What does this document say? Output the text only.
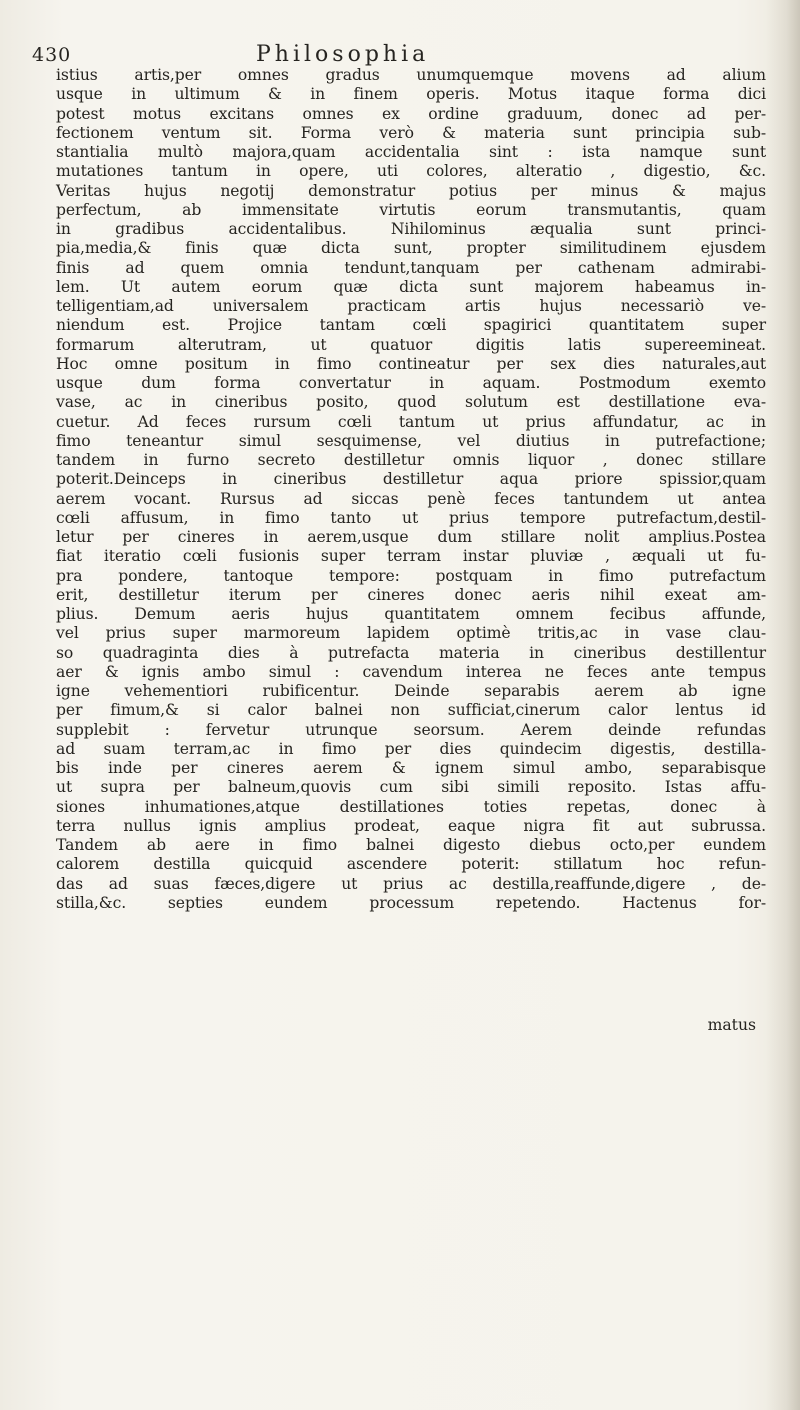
430	Philosophia
istius artis,per omnes gradus unumquemque movens ad alium
usque in ultimum & in finem operis. Motus itaque forma dici
potest motus excitans omnes ex ordine graduum, donec ad per-
fectionem ventum sit. Forma verò & materia sunt principia sub-
stantialia multò majora,quam accidentalia sint : ista namque sunt
mutationes tantum in opere, uti colores, alteratio , digestio, &c.
Veritas hujus negotij demonstratur potius per minus & majus
perfectum, ab immensitate virtutis eorum transmutantis, quam
in gradibus accidentalibus. Nihilominus æqualia sunt princi-
pia,media,& finis quæ dicta sunt, propter similitudinem ejusdem
finis ad quem omnia tendunt,tanquam per cathenam admirabi-
lem. Ut autem eorum quæ dicta sunt majorem habeamus in-
telligentiam,ad universalem practicam artis hujus necessariò ve-
niendum est. Projice tantam cœli spagirici quantitatem super
formarum alterutram, ut quatuor digitis latis supereemineat.
Hoc omne positum in fimo contineatur per sex dies naturales,aut
usque dum forma convertatur in aquam. Postmodum exemto
vase, ac in cineribus posito, quod solutum est destillatione eva-
cuetur. Ad feces rursum cœli tantum ut prius affundatur, ac in
fimo teneantur simul sesquimense, vel diutius in putrefactione;
tandem in furno secreto destilletur omnis liquor , donec stillare
poterit.Deinceps in cineribus destilletur aqua priore spissior,quam
aerem vocant. Rursus ad siccas penè feces tantundem ut antea
cœli affusum, in fimo tanto ut prius tempore putrefactum,destil-
letur per cineres in aerem,usque dum stillare nolit amplius.Postea
fiat iteratio cœli fusionis super terram instar pluviæ , æquali ut fu-
pra pondere, tantoque tempore: postquam in fimo putrefactum
erit, destilletur iterum per cineres donec aeris nihil exeat am-
plius. Demum aeris hujus quantitatem omnem fecibus affunde,
vel prius super marmoreum lapidem optimè tritis,ac in vase clau-
so quadraginta dies à putrefacta materia in cineribus destillentur
aer & ignis ambo simul : cavendum interea ne feces ante tempus
igne vehementiori rubificentur. Deinde separabis aerem ab igne
per fimum,& si calor balnei non sufficiat,cinerum calor lentus id
supplebit : fervetur utrunque seorsum. Aerem deinde refundas
ad suam terram,ac in fimo per dies quindecim digestis, destilla-
bis inde per cineres aerem & ignem simul ambo, separabisque
ut supra per balneum,quovis cum sibi simili reposito. Istas affu-
siones inhumationes,atque destillationes toties repetas, donec à
terra nullus ignis amplius prodeat, eaque nigra fit aut subrussa.
Tandem ab aere in fimo balnei digesto diebus octo,per eundem
calorem destilla quicquid ascendere poterit: stillatum hoc refun-
das ad suas fæces,digere ut prius ac destilla,reaffunde,digere , de-
stilla,&c. septies eundem processum repetendo. Hactenus for-
matus
